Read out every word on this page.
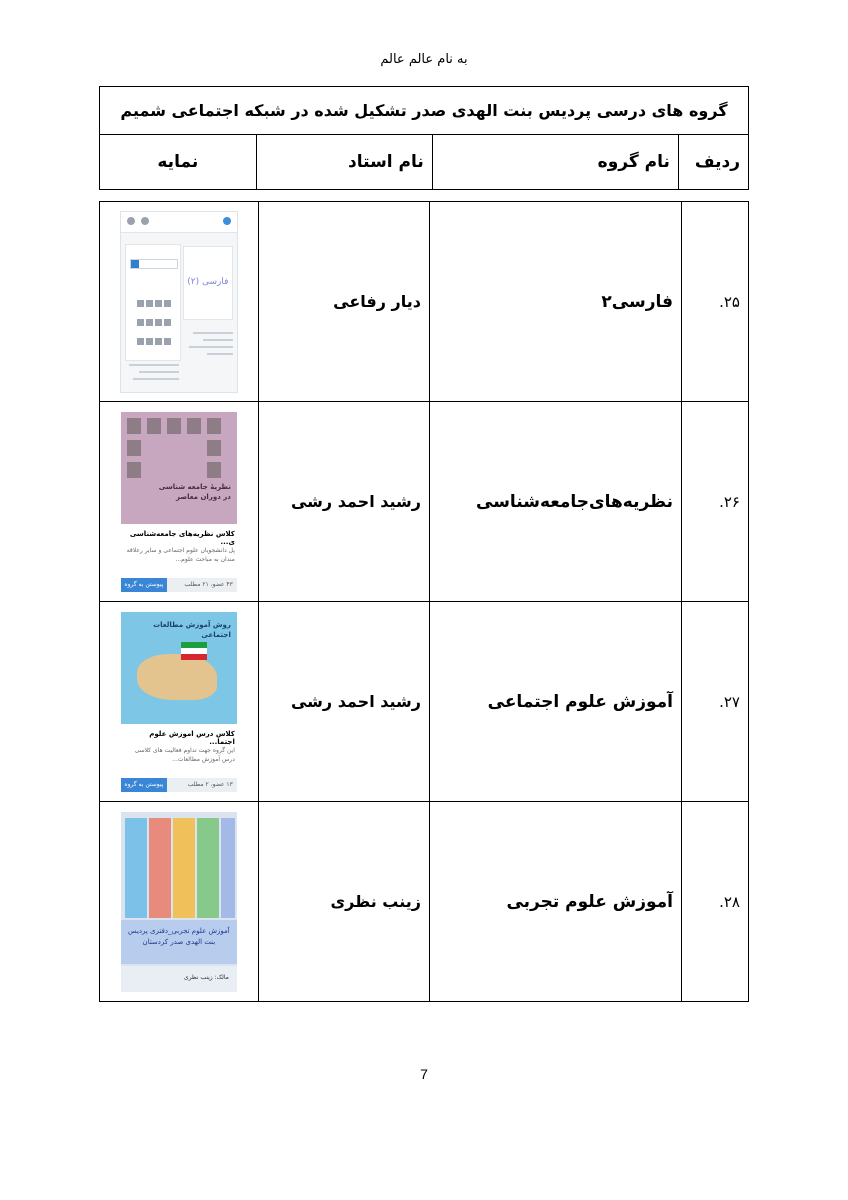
به نام عالم عالم
گروه های درسی پردیس بنت الهدی صدر تشکیل شده در شبکه اجتماعی شمیم
ردیف	نام گروه	نام استاد	نمایه
۲۵.	فارسی۲	دیار رفاعی	فارسی (۲)

۲۶.	نظریه‌های‌جامعه‌شناسی	رشید احمد رشی	نظریهٔ جامعه شناسی در دوران معاصر
کلاس نظریه‌های جامعه‌شناسی ی...
پل دانشجویان علوم اجتماعی و سایر رعلاقه مندان به مباحث علوم...
پیوستن به گروه ۴۳ عضو، ۲۱ مطلب

۲۷.	آموزش علوم اجتماعی	رشید احمد رشی	روش آموزش مطالعات اجتماعی
کلاس درس اموزش علوم اجتما...
این گروه جهت تداوم فعالیت های کلاسی درس آموزش مطالعات...
پیوستن به گروه ۱۳ عضو، ۲ مطلب

۲۸.	آموزش علوم تجربی	زینب نظری	آموزش علوم تجربی_دفتری پردیس بنت الهدی صدر کردستان
مالک: زینب نظری
7
